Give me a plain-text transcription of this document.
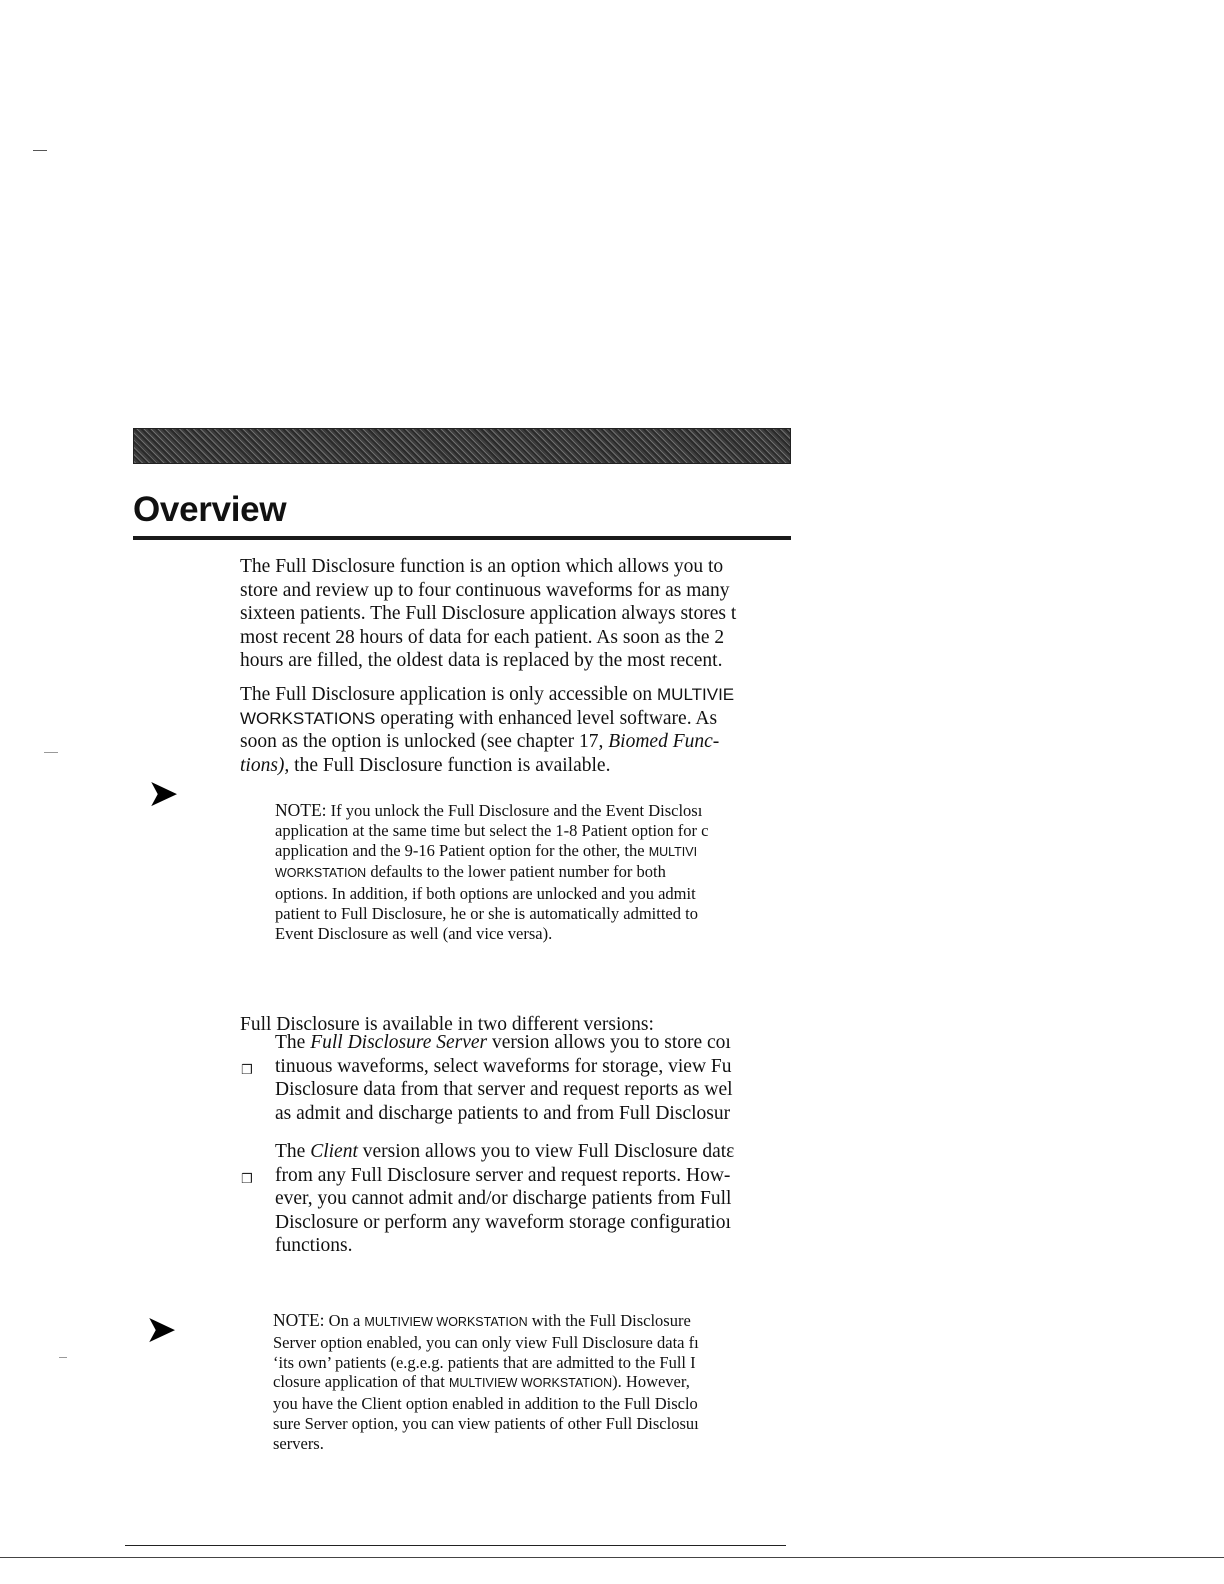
Overview
The Full Disclosure function is an option which allows you to
store and review up to four continuous waveforms for as many
sixteen patients. The Full Disclosure application always stores t
most recent 28 hours of data for each patient. As soon as the 2
hours are filled, the oldest data is replaced by the most recent.
The Full Disclosure application is only accessible on MULTIVIE
WORKSTATIONS operating with enhanced level software. As
soon as the option is unlocked (see chapter 17, Biomed Func-
tions), the Full Disclosure function is available.
➤	NOTE: If you unlock the Full Disclosure and the Event Disclosı
application at the same time but select the 1-8 Patient option for c
application and the 9-16 Patient option for the other, the MULTIVI
WORKSTATION defaults to the lower patient number for both
options. In addition, if both options are unlocked and you admit
patient to Full Disclosure, he or she is automatically admitted to
Event Disclosure as well (and vice versa).
Full Disclosure is available in two different versions:
❒
The Full Disclosure Server version allows you to store coı
tinuous waveforms, select waveforms for storage, view Fu
Disclosure data from that server and request reports as wel
as admit and discharge patients to and from Full Disclosur
❒
The Client version allows you to view Full Disclosure datε
from any Full Disclosure server and request reports. How-
ever, you cannot admit and/or discharge patients from Full
Disclosure or perform any waveform storage configuratioı
functions.
➤	NOTE: On a MULTIVIEW WORKSTATION with the Full Disclosure
Server option enabled, you can only view Full Disclosure data fı
‘its own’ patients (e.g.e.g. patients that are admitted to the Full I
closure application of that MULTIVIEW WORKSTATION). However,
you have the Client option enabled in addition to the Full Disclo
sure Server option, you can view patients of other Full Disclosuı
servers.
